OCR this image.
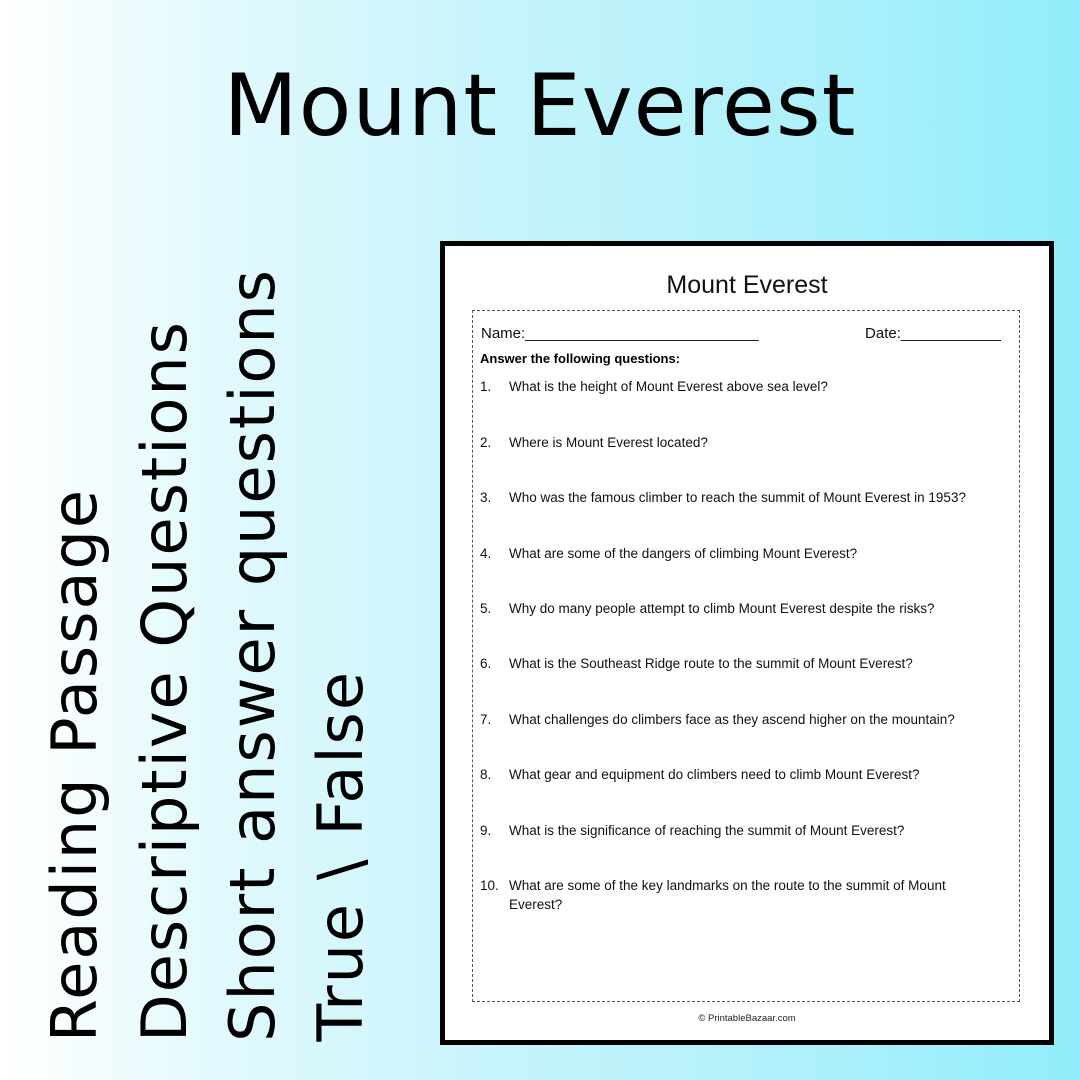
Mount Everest
Reading Passage Descriptive Questions Short answer questions True \ False
Mount Everest
Name:____________________________	Date:____________
Answer the following questions:
1. What is the height of Mount Everest above sea level?
2. Where is Mount Everest located?
3. Who was the famous climber to reach the summit of Mount Everest in 1953?
4. What are some of the dangers of climbing Mount Everest?
5. Why do many people attempt to climb Mount Everest despite the risks?
6. What is the Southeast Ridge route to the summit of Mount Everest?
7. What challenges do climbers face as they ascend higher on the mountain?
8. What gear and equipment do climbers need to climb Mount Everest?
9. What is the significance of reaching the summit of Mount Everest?
10. What are some of the key landmarks on the route to the summit of Mount Everest?
© PrintableBazaar.com
